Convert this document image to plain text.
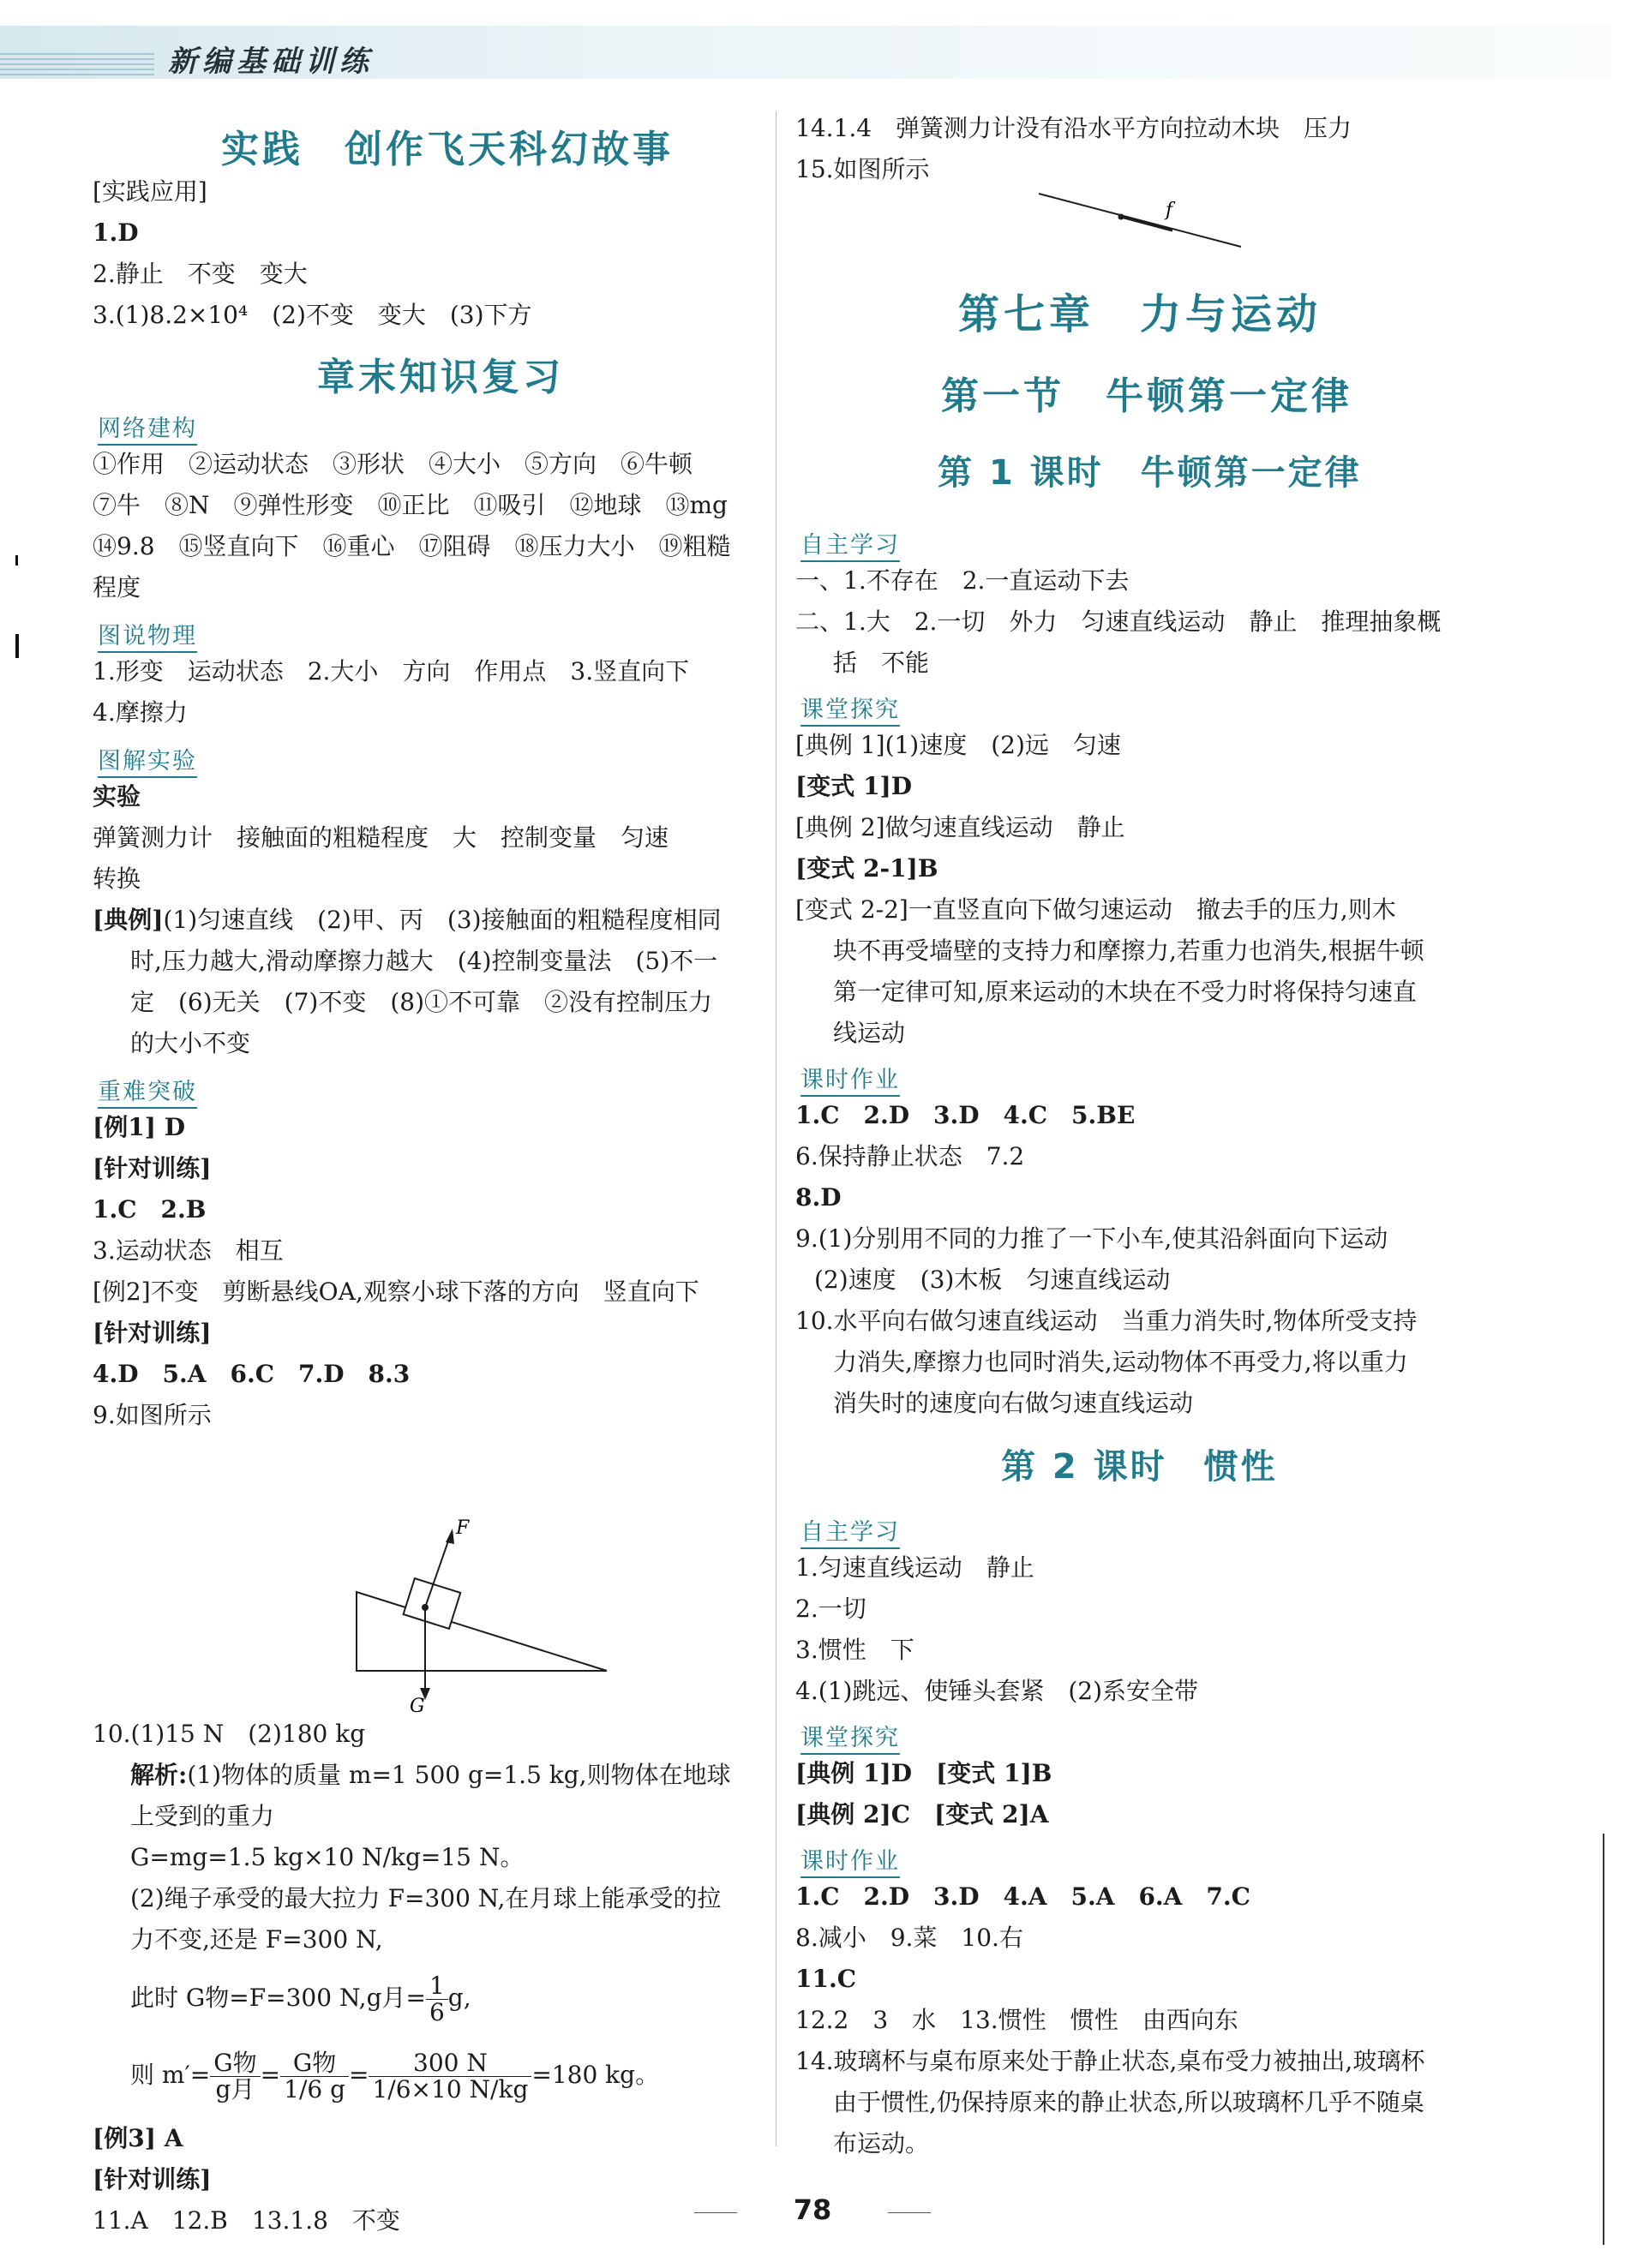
新编基础训练
实践　创作飞天科幻故事
[实践应用]
1.D
2.静止　不变　变大
3.(1)8.2×10⁴　(2)不变　变大　(3)下方
章末知识复习
网络建构
①作用　②运动状态　③形状　④大小　⑤方向　⑥牛顿
⑦牛　⑧N　⑨弹性形变　⑩正比　⑪吸引　⑫地球　⑬mg
⑭9.8　⑮竖直向下　⑯重心　⑰阻碍　⑱压力大小　⑲粗糙
程度
图说物理
1.形变　运动状态　2.大小　方向　作用点　3.竖直向下
4.摩擦力
图解实验
实验
弹簧测力计　接触面的粗糙程度　大　控制变量　匀速
转换
[典例](1)匀速直线　(2)甲、丙　(3)接触面的粗糙程度相同
时,压力越大,滑动摩擦力越大　(4)控制变量法　(5)不一
定　(6)无关　(7)不变　(8)①不可靠　②没有控制压力
的大小不变
重难突破
[例1] D
[针对训练]
1.C　2.B
3.运动状态　相互
[例2]不变　剪断悬线OA,观察小球下落的方向　竖直向下
[针对训练]
4.D　5.A　6.C　7.D　8.3
9.如图所示
F
G
10.(1)15 N　(2)180 kg
解析:(1)物体的质量 m=1 500 g=1.5 kg,则物体在地球
上受到的重力
G=mg=1.5 kg×10 N/kg=15 N。
(2)绳子承受的最大拉力 F=300 N,在月球上能承受的拉
力不变,还是 F=300 N,
此时 G物=F=300 N,g月= $\frac{1}{6} g$,
则 $m'= \frac{\text{G物}}{\text{g月}} = \frac{\text{G物}}{1/6 g} = \frac{300 N}{1/6\times 10 N/kg} =180$ kg。
[例3] A
[针对训练]
11.A　12.B　13.1.8　不变
14.1.4　弹簧测力计没有沿水平方向拉动木块　压力
15.如图所示
f
第七章　力与运动
第一节　牛顿第一定律
第 1 课时　牛顿第一定律
自主学习
一、1.不存在　2.一直运动下去
二、1.大　2.一切　外力　匀速直线运动　静止　推理抽象概
括　不能
课堂探究
[典例 1](1)速度　(2)远　匀速
[变式 1]D
[典例 2]做匀速直线运动　静止
[变式 2-1]B
[变式 2-2]一直竖直向下做匀速运动　撤去手的压力,则木
块不再受墙壁的支持力和摩擦力,若重力也消失,根据牛顿
第一定律可知,原来运动的木块在不受力时将保持匀速直
线运动
课时作业
1.C　2.D　3.D　4.C　5.BE
6.保持静止状态　7.2
8.D
9.(1)分别用不同的力推了一下小车,使其沿斜面向下运动
(2)速度　(3)木板　匀速直线运动
10.水平向右做匀速直线运动　当重力消失时,物体所受支持
力消失,摩擦力也同时消失,运动物体不再受力,将以重力
消失时的速度向右做匀速直线运动
第 2 课时　惯性
自主学习
1.匀速直线运动　静止
2.一切
3.惯性　下
4.(1)跳远、使锤头套紧　(2)系安全带
课堂探究
[典例 1]D　[变式 1]B
[典例 2]C　[变式 2]A
课时作业
1.C　2.D　3.D　4.A　5.A　6.A　7.C
8.减小　9.菜　10.右
11.C
12.2　3　水　13.惯性　惯性　由西向东
14.玻璃杯与桌布原来处于静止状态,桌布受力被抽出,玻璃杯
由于惯性,仍保持原来的静止状态,所以玻璃杯几乎不随桌
布运动。
78
